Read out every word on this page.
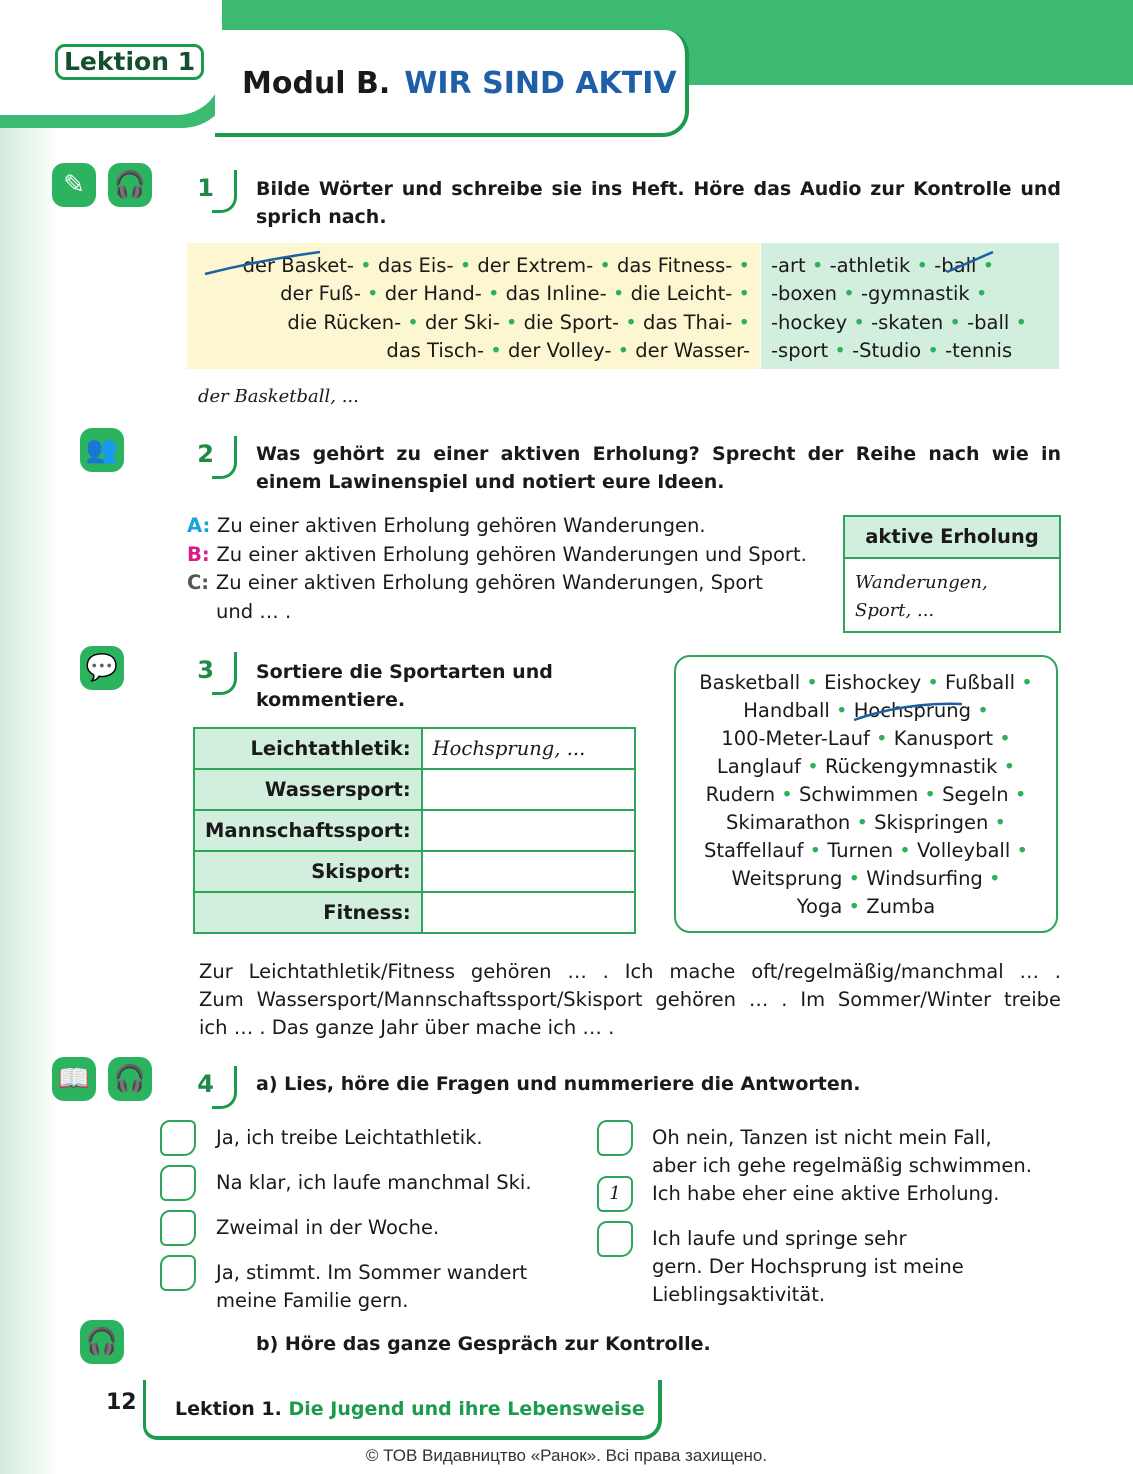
Lektion 1
Modul B. WIR SIND AKTIV
✎	🎧	1 Bilde Wörter und schreibe sie ins Heft. Höre das Audio zur Kontrolle und sprich nach.
der Basket- • das Eis- • der Extrem- • das Fitness- •
der Fuß- • der Hand- • das Inline- • die Leicht- •
die Rücken- • der Ski- • die Sport- • das Thai- •
das Tisch- • der Volley- • der Wasser-
-art • -athletik • -ball •
-boxen • -gymnastik •
-hockey • -skaten • -ball •
-sport • -Studio • -tennis
der Basketball, ...
👥	2 Was gehört zu einer aktiven Erholung? Sprecht der Reihe nach wie in einem Lawinenspiel und notiert eure Ideen.
A: Zu einer aktiven Erholung gehören Wanderungen.
B: Zu einer aktiven Erholung gehören Wanderungen und Sport.
C: Zu einer aktiven Erholung gehören Wanderungen, Sport
und … .
aktive Erholung
Wanderungen,
Sport, ...
💬	3 Sortiere die Sportarten und
kommentiere.
Leichtathletik:	Hochsprung, ...
Wassersport:	
Mannschaftssport:	
Skisport:	
Fitness:	
Basketball • Eishockey • Fußball •
Handball • Hochsprung •
100-Meter-Lauf • Kanusport •
Langlauf • Rückengymnastik •
Rudern • Schwimmen • Segeln •
Skimarathon • Skispringen •
Staffellauf • Turnen • Volleyball •
Weitsprung • Windsurfing •
Yoga • Zumba
Zur Leichtathletik/Fitness gehören … . Ich mache oft/regelmäßig/manchmal … .
Zum Wassersport/Mannschaftssport/Skisport gehören … . Im Sommer/Winter treibe
ich … . Das ganze Jahr über mache ich … .
📖 🎧	4 a) Lies, höre die Fragen und nummeriere die Antworten.
Ja, ich treibe Leichtathletik.
Na klar, ich laufe manchmal Ski.
Zweimal in der Woche.
Ja, stimmt. Im Sommer wandert
meine Familie gern.
Oh nein, Tanzen ist nicht mein Fall,
aber ich gehe regelmäßig schwimmen.
1	Ich habe eher eine aktive Erholung.
Ich laufe und springe sehr
gern. Der Hochsprung ist meine
Lieblingsaktivität.
🎧	b) Höre das ganze Gespräch zur Kontrolle.
12 Lektion 1. Die Jugend und ihre Lebensweise
© ТОВ Видавництво «Ранок». Всі права захищено.
